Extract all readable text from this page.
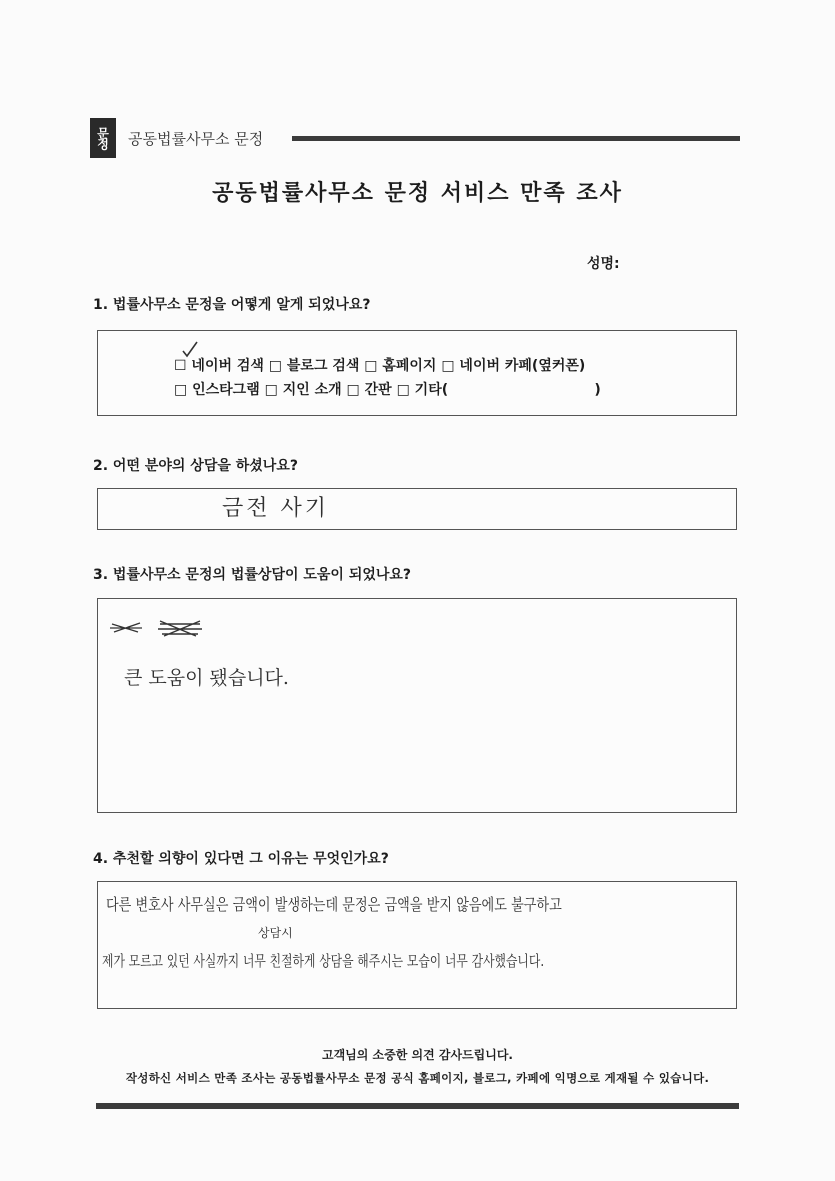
문정 공동법률사무소 문정
공동법률사무소 문정 서비스 만족 조사
성명:
1. 법률사무소 문정을 어떻게 알게 되었나요?
☐ 네이버 검색 □ 블로그 검색 □ 홈페이지 □ 네이버 카페(옆커폰)
□ 인스타그램 □ 지인 소개 □ 간판 □ 기타(                              )
2. 어떤 분야의 상담을 하셨나요?
금전 사기
3. 법률사무소 문정의 법률상담이 도움이 되었나요?
큰 도움이 됐습니다.
4. 추천할 의향이 있다면 그 이유는 무엇인가요?
다른 변호사 사무실은 금액이 발생하는데 문정은 금액을 받지 않음에도 불구하고
상담시
제가 모르고 있던 사실까지 너무 친절하게 상담을 해주시는 모습이 너무 감사했습니다.
고객님의 소중한 의견 감사드립니다.
작성하신 서비스 만족 조사는 공동법률사무소 문정 공식 홈페이지, 블로그, 카페에 익명으로 게재될 수 있습니다.
